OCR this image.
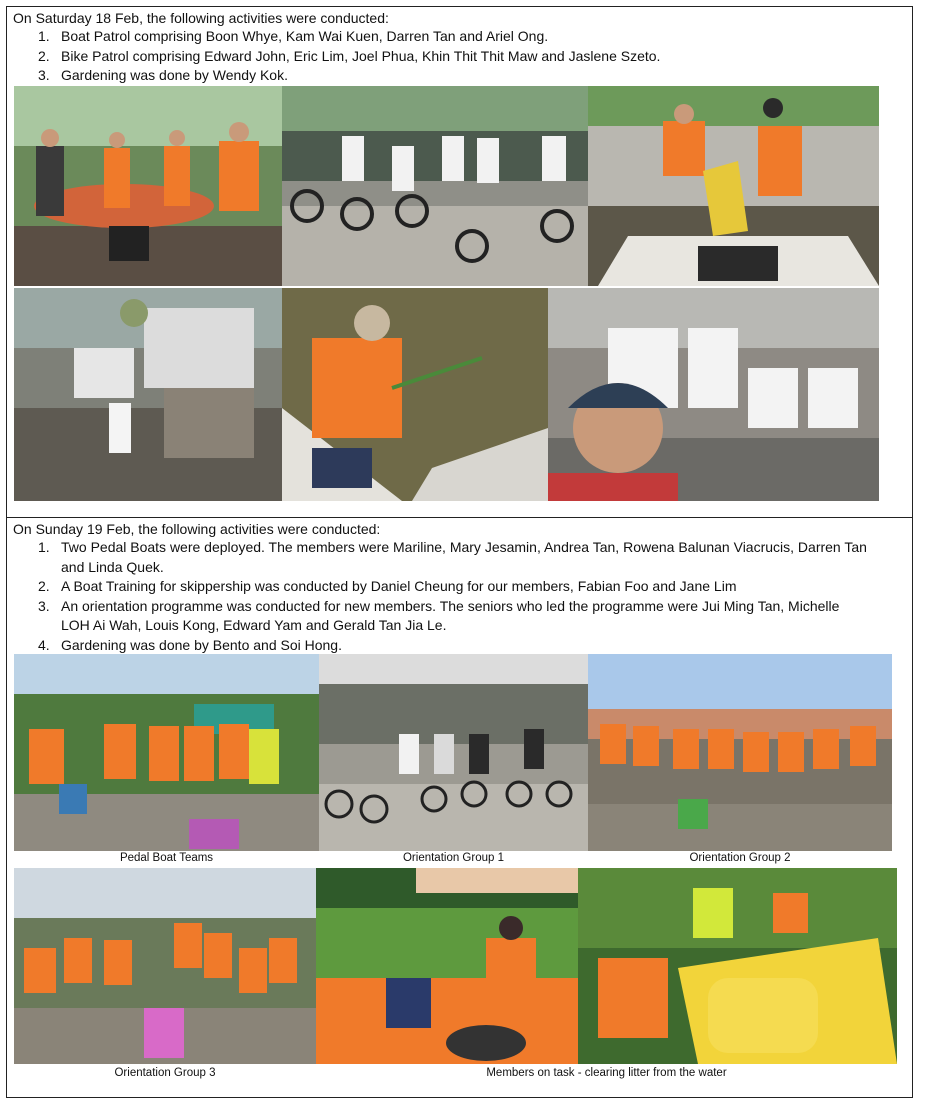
On Saturday 18 Feb, the following activities were conducted:
1. Boat Patrol comprising Boon Whye, Kam Wai Kuen, Darren Tan and Ariel Ong.
2. Bike Patrol comprising Edward John, Eric Lim, Joel Phua, Khin Thit Thit Maw and Jaslene Szeto.
3. Gardening was done by Wendy Kok.
On Sunday 19 Feb, the following activities were conducted:
1. Two Pedal Boats were deployed. The members were Mariline, Mary Jesamin, Andrea Tan, Rowena Balunan Viacrucis, Darren Tan
and Linda Quek.
2. A Boat Training for skippership was conducted by Daniel Cheung for our members, Fabian Foo and Jane Lim
3. An orientation programme was conducted for new members. The seniors who led the programme were Jui Ming Tan, Michelle
LOH Ai Wah, Louis Kong, Edward Yam and Gerald Tan Jia Le.
4. Gardening was done by Bento and Soi Hong.
Pedal Boat Teams	Orientation Group 1	Orientation Group 2
Orientation Group 3	Members on task - clearing litter from the water
